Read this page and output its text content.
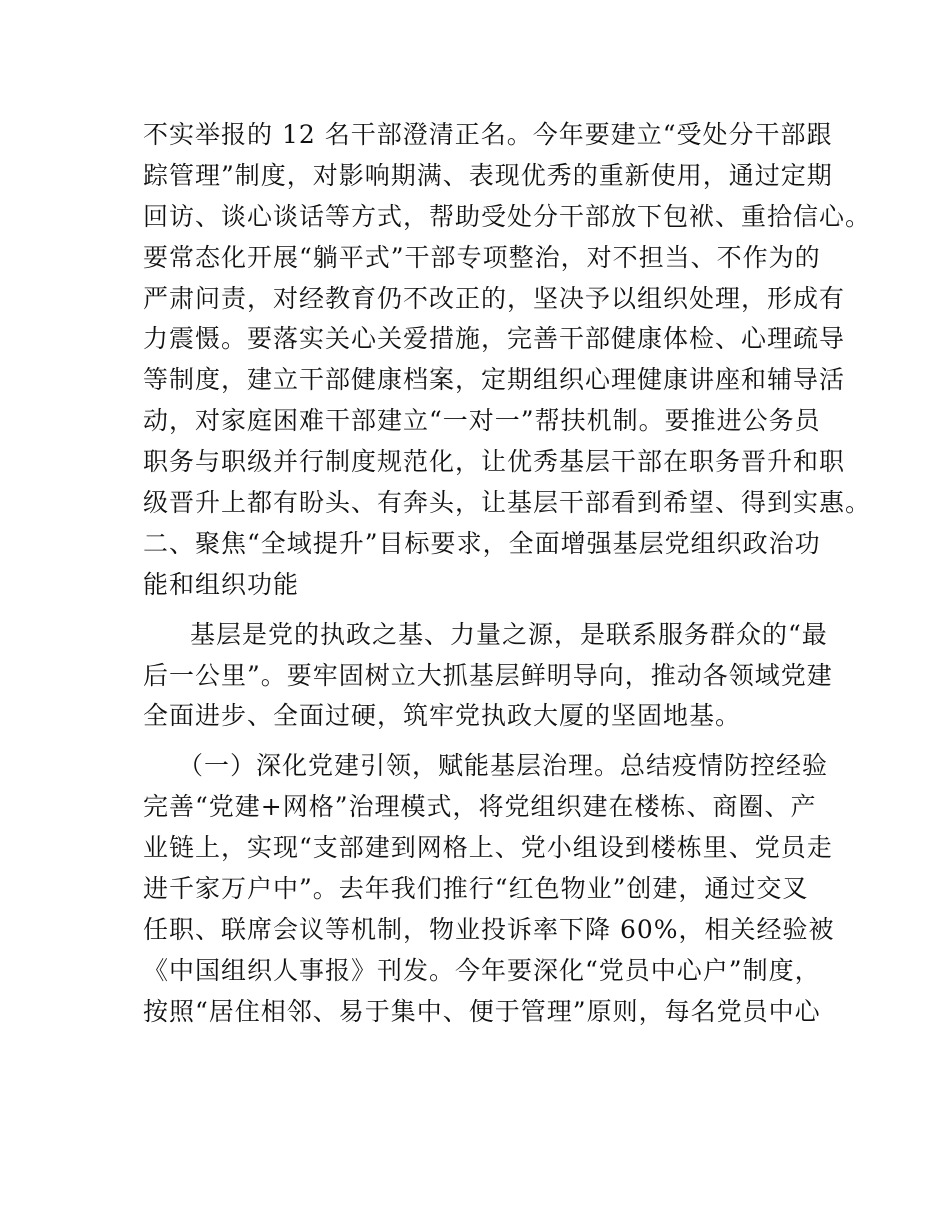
不实举报的 12 名干部澄清正名。今年要建立“受处分干部跟
踪管理”制度，对影响期满、表现优秀的重新使用，通过定期
回访、谈心谈话等方式，帮助受处分干部放下包袱、重拾信心。
要常态化开展“躺平式”干部专项整治，对不担当、不作为的
严肃问责，对经教育仍不改正的，坚决予以组织处理，形成有
力震慑。要落实关心关爱措施，完善干部健康体检、心理疏导
等制度，建立干部健康档案，定期组织心理健康讲座和辅导活
动，对家庭困难干部建立“一对一”帮扶机制。要推进公务员
职务与职级并行制度规范化，让优秀基层干部在职务晋升和职
级晋升上都有盼头、有奔头，让基层干部看到希望、得到实惠。
二、聚焦“全域提升”目标要求，全面增强基层党组织政治功
能和组织功能
基层是党的执政之基、力量之源，是联系服务群众的“最
后一公里”。要牢固树立大抓基层鲜明导向，推动各领域党建
全面进步、全面过硬，筑牢党执政大厦的坚固地基。
（一）深化党建引领，赋能基层治理。总结疫情防控经验
完善“党建+网格”治理模式，将党组织建在楼栋、商圈、产
业链上，实现“支部建到网格上、党小组设到楼栋里、党员走
进千家万户中”。去年我们推行“红色物业”创建，通过交叉
任职、联席会议等机制，物业投诉率下降 60%，相关经验被
《中国组织人事报》刊发。今年要深化“党员中心户”制度，
按照“居住相邻、易于集中、便于管理”原则，每名党员中心
